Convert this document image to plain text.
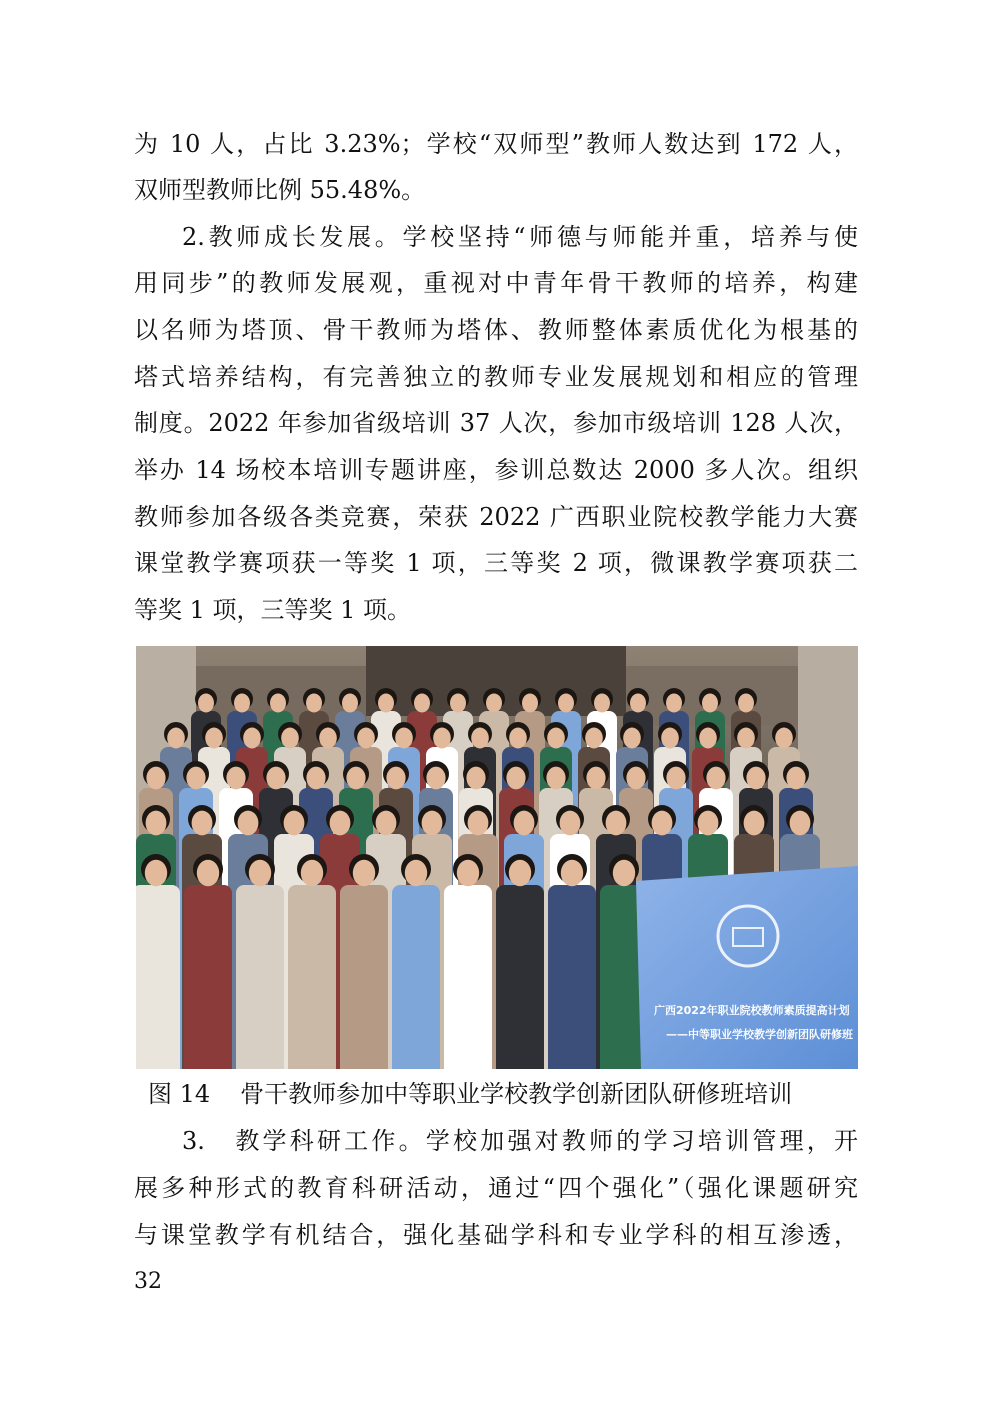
为 10 人，占比 3.23%；学校“双师型”教师人数达到 172 人，
双师型教师比例 55.48%。
2.教师成长发展。学校坚持“师德与师能并重，培养与使
用同步”的教师发展观，重视对中青年骨干教师的培养，构建
以名师为塔顶、骨干教师为塔体、教师整体素质优化为根基的
塔式培养结构，有完善独立的教师专业发展规划和相应的管理
制度。2022 年参加省级培训 37 人次，参加市级培训 128 人次，
举办 14 场校本培训专题讲座，参训总数达 2000 多人次。组织
教师参加各级各类竞赛，荣获 2022 广西职业院校教学能力大赛
课堂教学赛项获一等奖 1 项，三等奖 2 项，微课教学赛项获二
等奖 1 项，三等奖 1 项。
广西2022年职业院校教师素质提高计划
——中等职业学校教学创新团队研修班
图 14 骨干教师参加中等职业学校教学创新团队研修班培训
3.　教学科研工作。学校加强对教师的学习培训管理，开
展多种形式的教育科研活动，通过“四个强化”（强化课题研究
与课堂教学有机结合，强化基础学科和专业学科的相互渗透，
32
